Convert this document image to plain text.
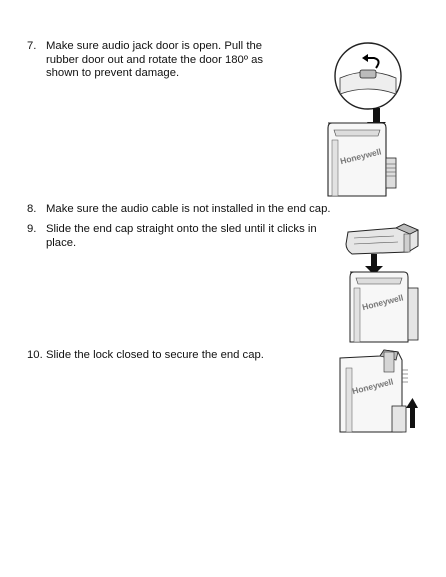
7. Make sure audio jack door is open. Pull the rubber door out and rotate the door 180º as shown to prevent damage.
8. Make sure the audio cable is not installed in the end cap.
9. Slide the end cap straight onto the sled until it clicks in place.
10. Slide the lock closed to secure the end cap.
Honeywell
Honeywell
Honeywell
